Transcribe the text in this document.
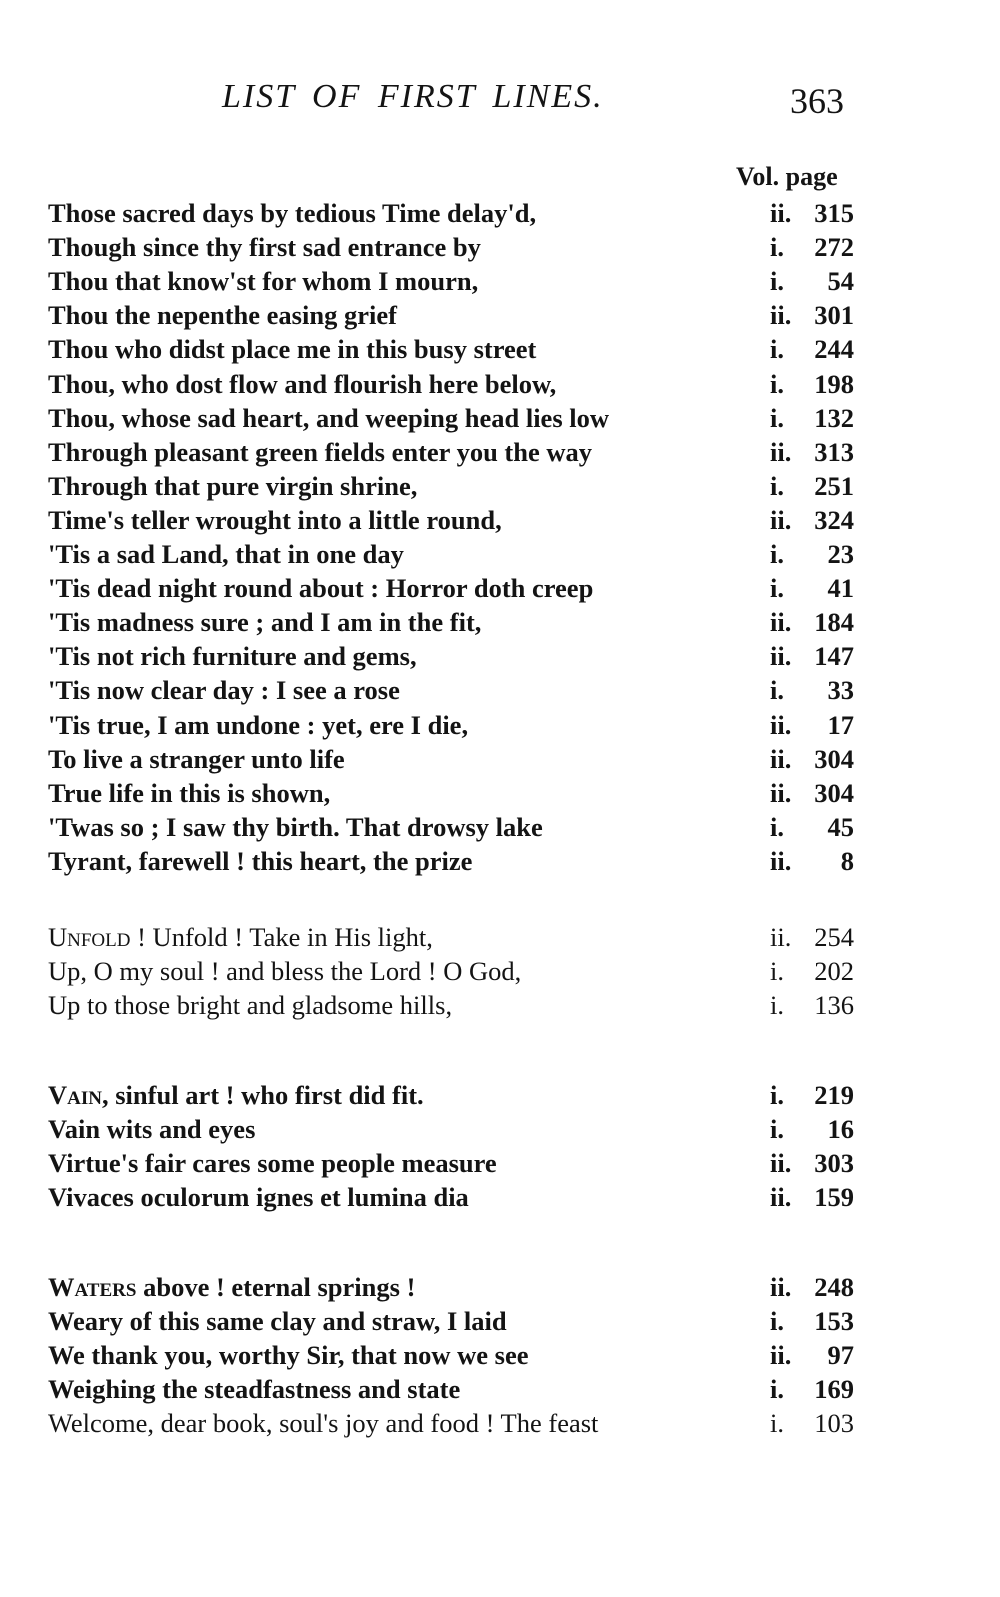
LIST OF FIRST LINES.	363
Vol. page
Those sacred days by tedious Time delay'd,	ii. 315
Though since thy first sad entrance by	i.	272
Thou that know'st for whom I mourn,	i.	54
Thou the nepenthe easing grief	ii. 301
Thou who didst place me in this busy street	i.	244
Thou, who dost flow and flourish here below,	i.	198
Thou, whose sad heart, and weeping head lies low	i.	132
Through pleasant green fields enter you the way	ii. 313
Through that pure virgin shrine,	i.	251
Time's teller wrought into a little round,	ii. 324
'Tis a sad Land, that in one day	i.	23
'Tis dead night round about : Horror doth creep	i.	41
'Tis madness sure ; and I am in the fit,	ii. 184
'Tis not rich furniture and gems,	ii. 147
'Tis now clear day : I see a rose	i.	33
'Tis true, I am undone : yet, ere I die,	ii.	17
To live a stranger unto life	ii. 304
True life in this is shown,	ii. 304
'Twas so ; I saw thy birth. That drowsy lake	i.	45
Tyrant, farewell ! this heart, the prize	ii.	8
Unfold ! Unfold ! Take in His light,	ii. 254
Up, O my soul ! and bless the Lord ! O God,	i.	202
Up to those bright and gladsome hills,	i.	136
Vain, sinful art ! who first did fit.	i.	219
Vain wits and eyes	i.	16
Virtue's fair cares some people measure	ii. 303
Vivaces oculorum ignes et lumina dia	ii. 159
Waters above ! eternal springs !	ii. 248
Weary of this same clay and straw, I laid	i.	153
We thank you, worthy Sir, that now we see	ii.	97
Weighing the steadfastness and state	i.	169
Welcome, dear book, soul's joy and food ! The feast	i.	103
